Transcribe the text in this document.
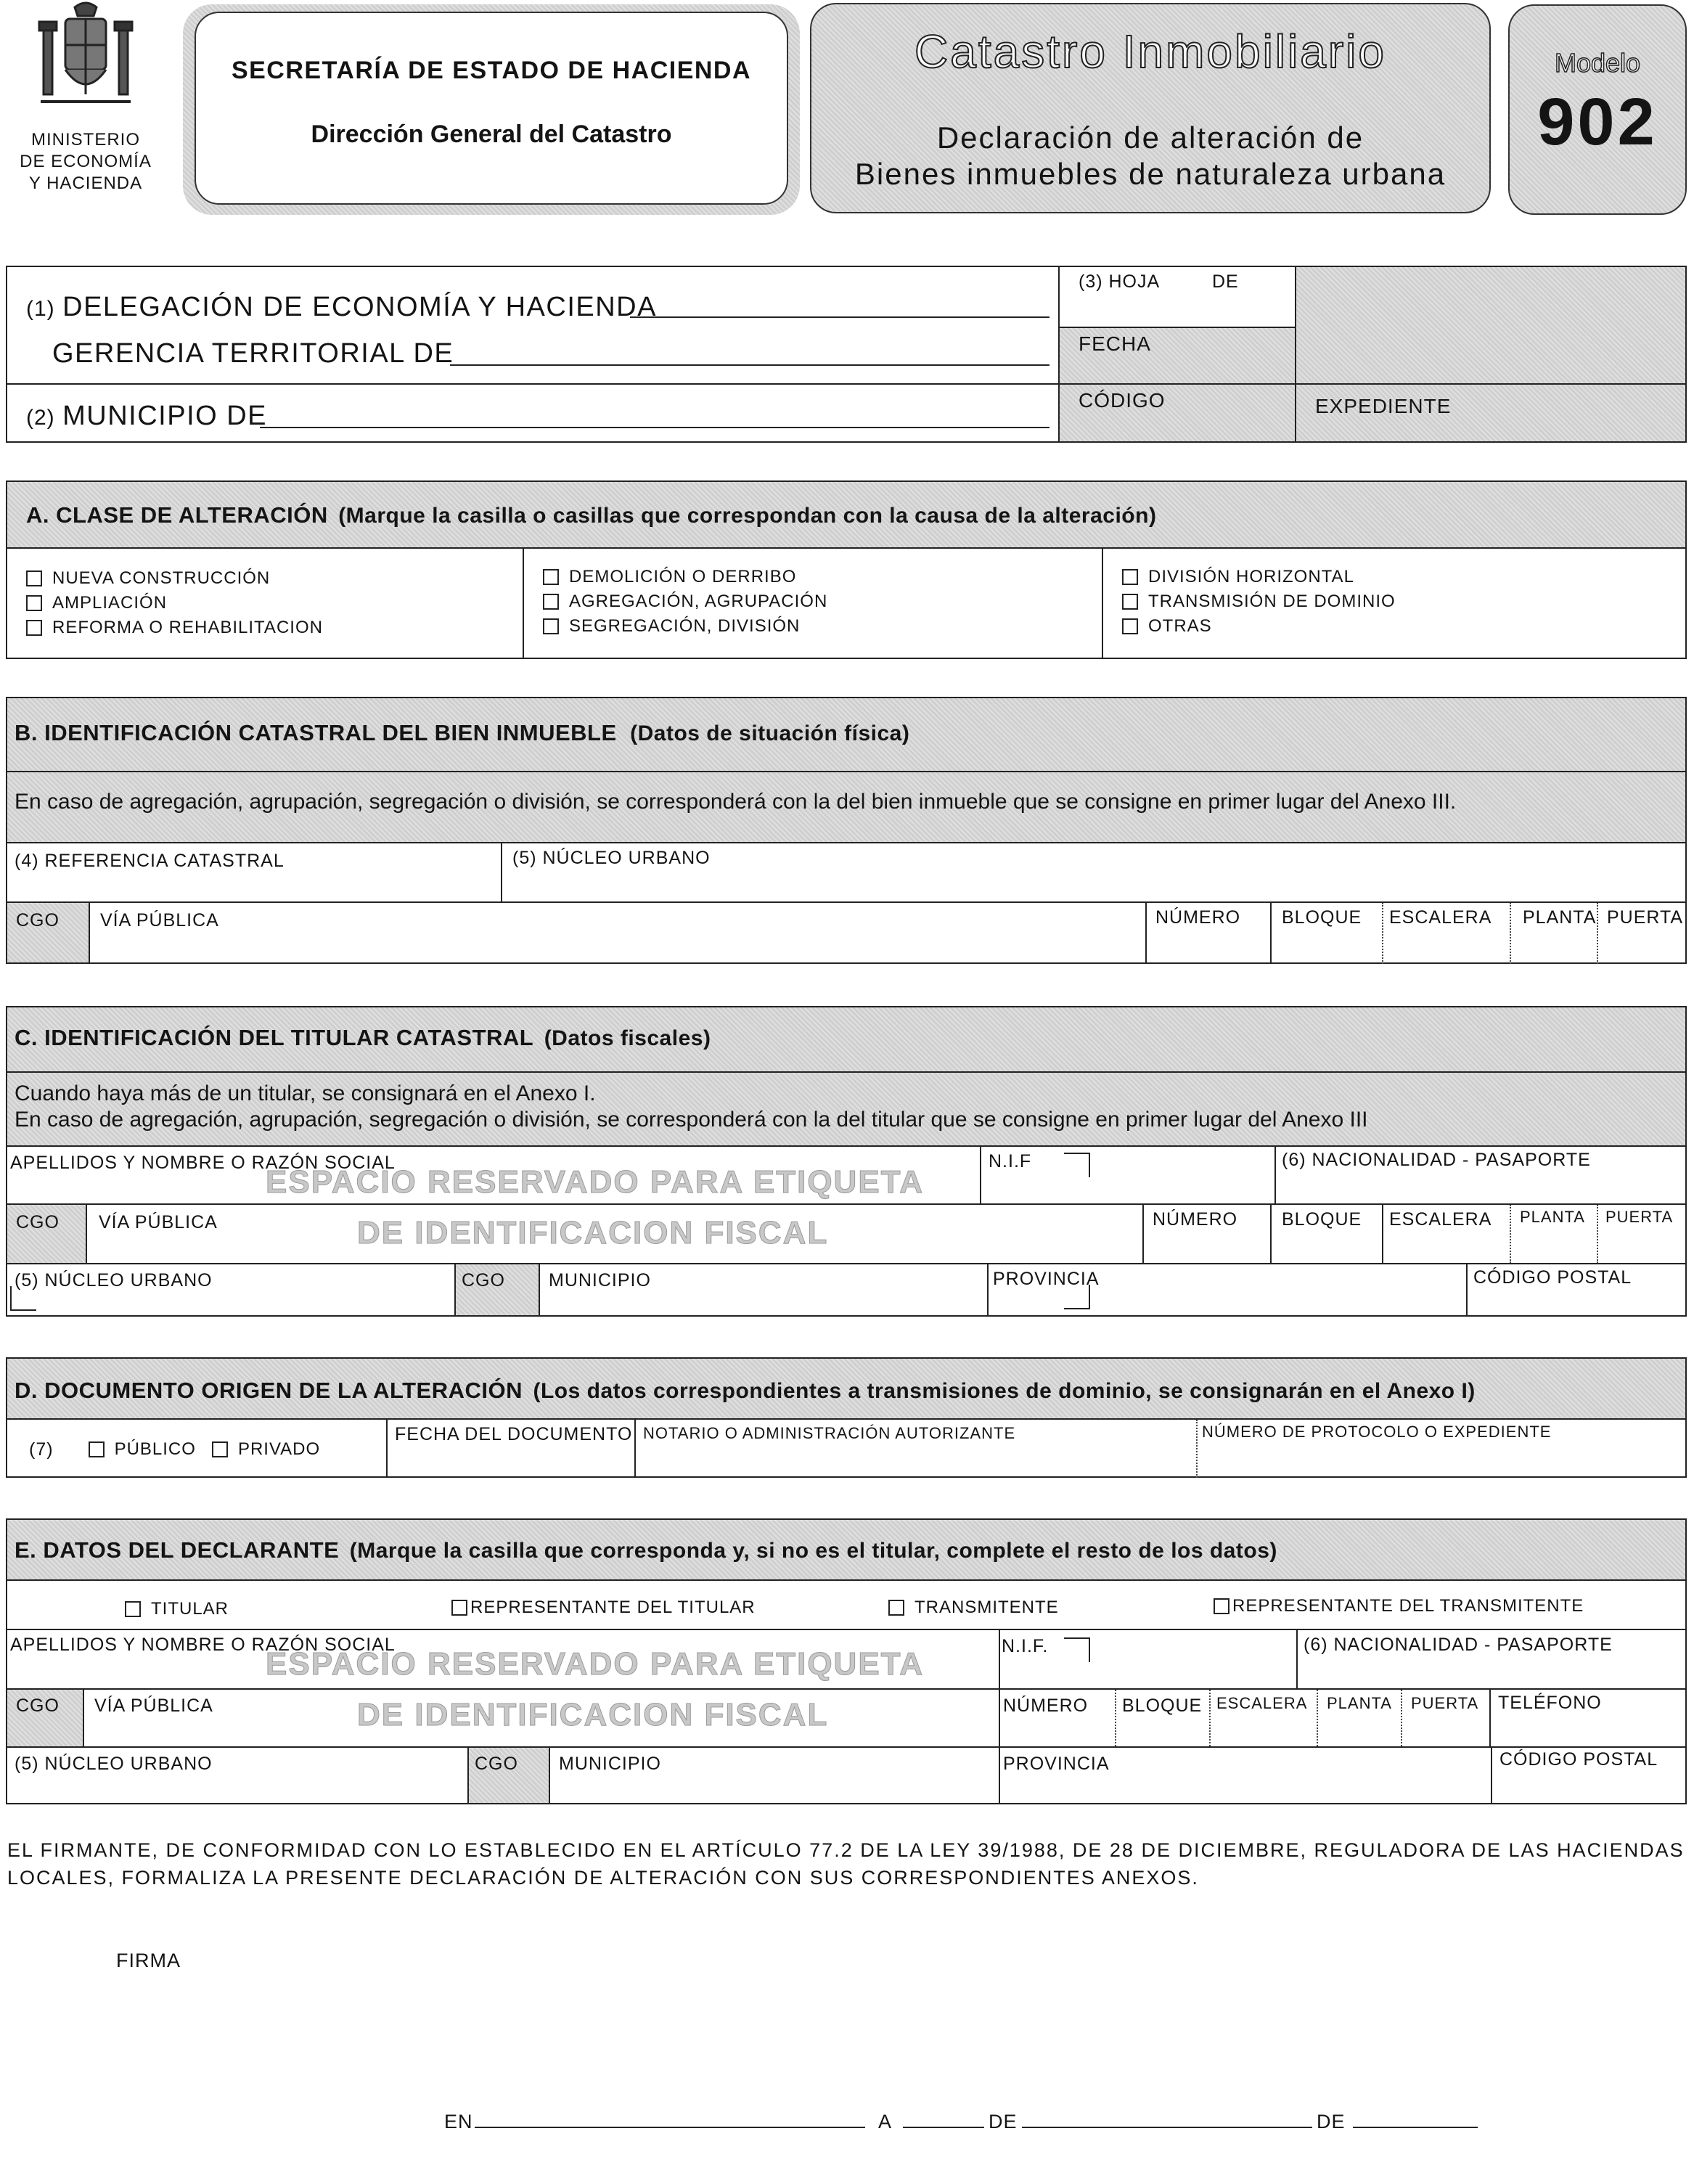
MINISTERIO
DE ECONOMÍA
Y HACIENDA
SECRETARÍA DE ESTADO DE HACIENDA
Dirección General del Catastro
Catastro Inmobiliario
Declaración de alteración de
Bienes inmuebles de naturaleza urbana
Modelo
902
(1) DELEGACIÓN DE ECONOMÍA Y HACIENDA
GERENCIA TERRITORIAL DE
(2) MUNICIPIO DE
(3) HOJA	DE
FECHA
CÓDIGO	EXPEDIENTE
A. CLASE DE ALTERACIÓN (Marque la casilla o casillas que correspondan con la causa de la alteración)
NUEVA CONSTRUCCIÓN
AMPLIACIÓN
REFORMA O REHABILITACION
DEMOLICIÓN O DERRIBO
AGREGACIÓN, AGRUPACIÓN
SEGREGACIÓN, DIVISIÓN
DIVISIÓN HORIZONTAL
TRANSMISIÓN DE DOMINIO
OTRAS
B. IDENTIFICACIÓN CATASTRAL DEL BIEN INMUEBLE (Datos de situación física)
En caso de agregación, agrupación, segregación o división, se corresponderá con la del bien inmueble que se consigne en primer lugar del Anexo III.
(4) REFERENCIA CATASTRAL	(5) NÚCLEO URBANO
CGO VÍA PÚBLICA	NÚMERO BLOQUE ESCALERA PLANTA PUERTA
C. IDENTIFICACIÓN DEL TITULAR CATASTRAL (Datos fiscales)
Cuando haya más de un titular, se consignará en el Anexo I.
En caso de agregación, agrupación, segregación o división, se corresponderá con la del titular que se consigne en primer lugar del Anexo III
APELLIDOS Y NOMBRE O RAZÓN SOCIAL
ESPACIO RESERVADO PARA ETIQUETA
N.I.F	(6) NACIONALIDAD - PASAPORTE
CGO VÍA PÚBLICA	DE IDENTIFICACION FISCAL	NÚMERO BLOQUE ESCALERA PLANTA PUERTA
(5) NÚCLEO URBANO	CGO MUNICIPIO	PROVINCIA	CÓDIGO POSTAL
D. DOCUMENTO ORIGEN DE LA ALTERACIÓN (Los datos correspondientes a transmisiones de dominio, se consignarán en el Anexo I)
(7)	PÚBLICO PRIVADO
FECHA DEL DOCUMENTO NOTARIO O ADMINISTRACIÓN AUTORIZANTE	NÚMERO DE PROTOCOLO O EXPEDIENTE
E. DATOS DEL DECLARANTE (Marque la casilla que corresponda y, si no es el titular, complete el resto de los datos)
TITULAR	REPRESENTANTE DEL TITULAR	TRANSMITENTE	REPRESENTANTE DEL TRANSMITENTE
APELLIDOS Y NOMBRE O RAZÓN SOCIAL
ESPACIO RESERVADO PARA ETIQUETA	N.I.F.	(6) NACIONALIDAD - PASAPORTE
CGO VÍA PÚBLICA	DE IDENTIFICACION FISCAL	NÚMERO BLOQUE ESCALERA PLANTA PUERTA TELÉFONO
(5) NÚCLEO URBANO	CGO MUNICIPIO	PROVINCIA	CÓDIGO POSTAL
EL FIRMANTE, DE CONFORMIDAD CON LO ESTABLECIDO EN EL ARTÍCULO 77.2 DE LA LEY 39/1988, DE 28 DE DICIEMBRE, REGULADORA DE LAS HACIENDAS
LOCALES, FORMALIZA LA PRESENTE DECLARACIÓN DE ALTERACIÓN CON SUS CORRESPONDIENTES ANEXOS.
FIRMA
EN	A	DE	DE
